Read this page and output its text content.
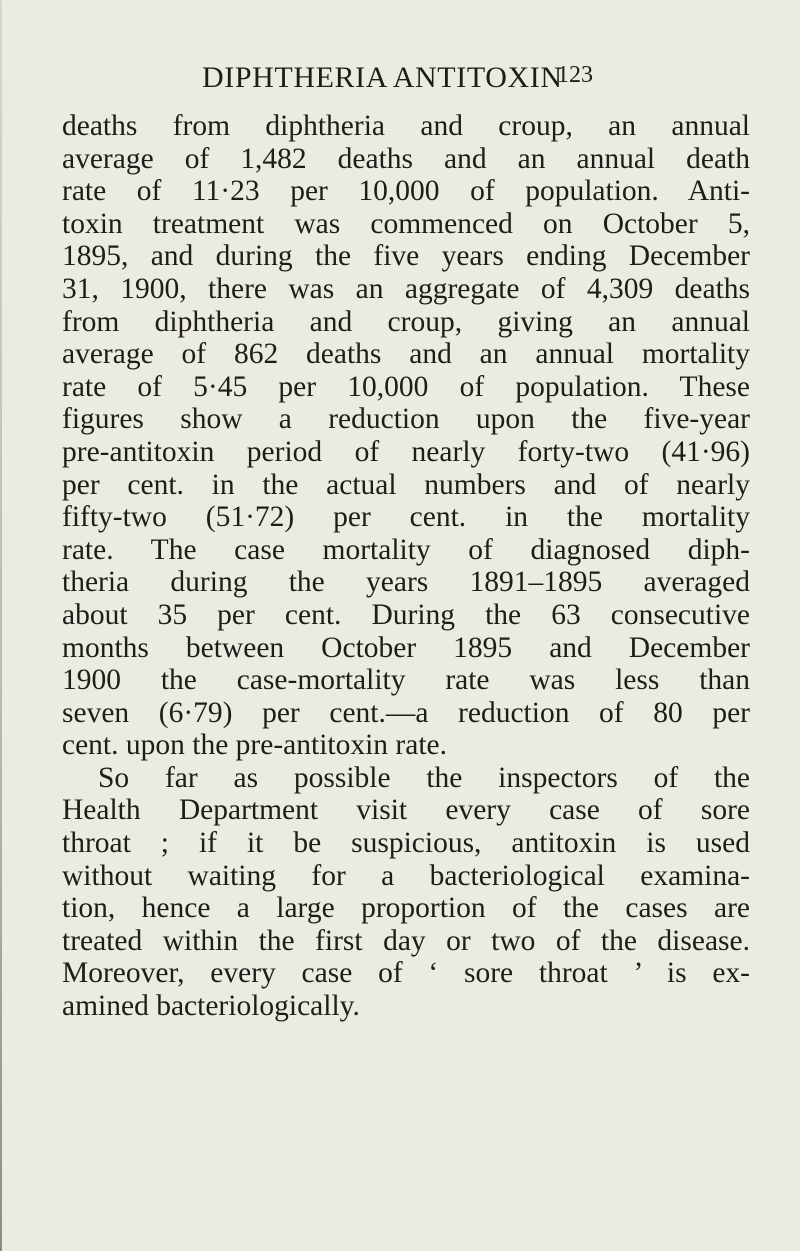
DIPHTHERIA ANTITOXIN
123
deaths from diphtheria and croup, an annual
average of 1,482 deaths and an annual death
rate of 11·23 per 10,000 of population. Anti-
toxin treatment was commenced on October 5,
1895, and during the five years ending December
31, 1900, there was an aggregate of 4,309 deaths
from diphtheria and croup, giving an annual
average of 862 deaths and an annual mortality
rate of 5·45 per 10,000 of population. These
figures show a reduction upon the five-year
pre-antitoxin period of nearly forty-two (41·96)
per cent. in the actual numbers and of nearly
fifty-two (51·72) per cent. in the mortality
rate. The case mortality of diagnosed diph-
theria during the years 1891–1895 averaged
about 35 per cent. During the 63 consecutive
months between October 1895 and December
1900 the case-mortality rate was less than
seven (6·79) per cent.—a reduction of 80 per
cent. upon the pre-antitoxin rate.
So far as possible the inspectors of the
Health Department visit every case of sore
throat ; if it be suspicious, antitoxin is used
without waiting for a bacteriological examina-
tion, hence a large proportion of the cases are
treated within the first day or two of the disease.
Moreover, every case of ‘ sore throat ’ is ex-
amined bacteriologically.
